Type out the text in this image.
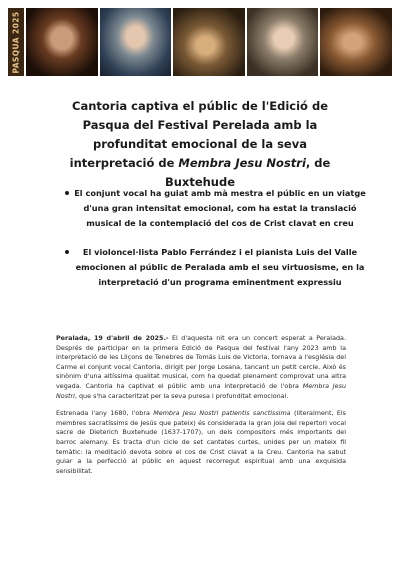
PASQUA 2025
Cantoria captiva el públic de l'Edició de Pasqua del Festival Perelada amb la profunditat emocional de la seva interpretació de Membra Jesu Nostri, de Buxtehude
El conjunt vocal ha guiat amb mà mestra el públic en un viatge d'una gran intensitat emocional, com ha estat la translació musical de la contemplació del cos de Crist clavat en creu
El violoncel·lista Pablo Ferrández i el pianista Luis del Valle emocionen al públic de Peralada amb el seu virtuosisme, en la interpretació d'un programa eminentment expressiu

Peralada, 19 d'abril de 2025.- El d'aquesta nit era un concert esperat a Peralada. Després de participar en la primera Edició de Pasqua del festival l'any 2023 amb la interpretació de les Lliçons de Tenebres de Tomás Luis de Victoria, tornava a l'església del Carme el conjunt vocal Cantoria, dirigit per Jorge Losana, tancant un petit cercle. Això és sinònim d'una altíssima qualitat musical, com ha quedat plenament comprovat una altra vegada. Cantoria ha captivat el públic amb una interpretació de l'obra Membra Jesu Nostri, que s'ha caracteritzat per la seva puresa i profunditat emocional.

Estrenada l'any 1680, l'obra Membra Jesu Nostri patientis sanctissima (literalment, Els membres sacratíssims de Jesús que pateix) és considerada la gran joia del repertori vocal sacre de Dieterich Buxtehude (1637-1707), un dels compositors més importants del barroc alemany. Es tracta d'un cicle de set cantates curtes, unides per un mateix fil temàtic: la meditació devota sobre el cos de Crist clavat a la Creu. Cantoria ha sabut guiar a la perfecció al públic en aquest recorregut espiritual amb una exquisida sensibilitat.
